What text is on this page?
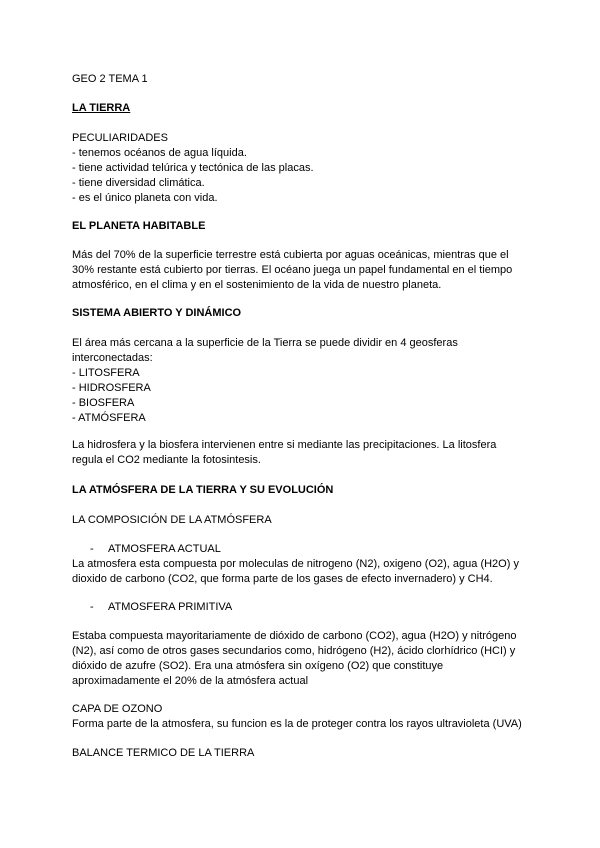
GEO 2 TEMA 1
LA TIERRA
PECULIARIDADES
- tenemos océanos de agua líquida.
- tiene actividad telúrica y tectónica de las placas.
- tiene diversidad climática.
- es el único planeta con vida.
EL PLANETA HABITABLE
Más del 70% de la superficie terrestre está cubierta por aguas oceánicas, mientras que el
30% restante está cubierto por tierras. El océano juega un papel fundamental en el tiempo
atmosférico, en el clima y en el sostenimiento de la vida de nuestro planeta.
SISTEMA ABIERTO Y DINÁMICO
El área más cercana a la superficie de la Tierra se puede dividir en 4 geosferas
interconectadas:
- LITOSFERA
- HIDROSFERA
- BIOSFERA
- ATMÓSFERA
La hidrosfera y la biosfera intervienen entre si mediante las precipitaciones. La litosfera
regula el CO2 mediante la fotosintesis.
LA ATMÓSFERA DE LA TIERRA Y SU EVOLUCIÓN
LA COMPOSICIÓN DE LA ATMÓSFERA
- ATMOSFERA ACTUAL
La atmosfera esta compuesta por moleculas de nitrogeno (N2), oxigeno (O2), agua (H2O) y
dioxido de carbono (CO2, que forma parte de los gases de efecto invernadero) y CH4.
- ATMOSFERA PRIMITIVA
Estaba compuesta mayoritariamente de dióxido de carbono (CO2), agua (H2O) y nitrógeno
(N2), así como de otros gases secundarios como, hidrógeno (H2), ácido clorhídrico (HCI) y
dióxido de azufre (SO2). Era una atmósfera sin oxígeno (O2) que constituye
aproximadamente el 20% de la atmósfera actual
CAPA DE OZONO
Forma parte de la atmosfera, su funcion es la de proteger contra los rayos ultravioleta (UVA)
BALANCE TERMICO DE LA TIERRA
